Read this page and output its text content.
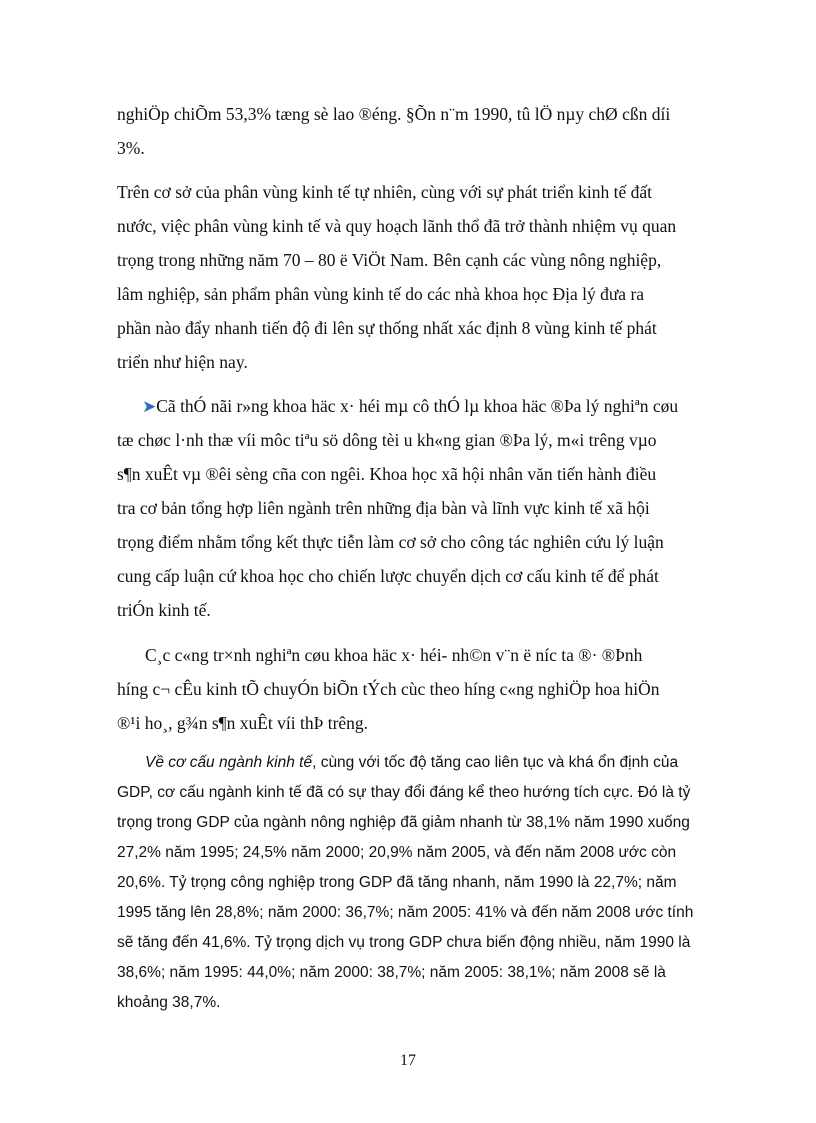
nghiÖp chiÕm 53,3% tæng sè lao ®éng. §Õn n¨m 1990, tû lÖ nµy chØ cßn díi

3%.

Trên cơ sở của phân vùng kinh tế tự nhiên, cùng với sự phát triển kinh tế đất

nước, việc phân vùng kinh tế và quy hoạch lãnh thổ đã trở thành nhiệm vụ quan

trọng trong những năm 70 – 80 ë ViÖt Nam. Bên cạnh các vùng nông nghiệp,

lâm nghiệp, sản phẩm phân vùng kinh tế do các nhà khoa học Địa lý đưa ra

phần nào đẩy nhanh tiến độ đi lên sự thống nhất xác định 8 vùng kinh tế phát

triển như hiện nay.

➤Cã thÓ nãi r»ng khoa häc x· héi mµ cô thÓ lµ khoa häc ®Þa lý nghiªn cøu

tæ chøc l·nh thæ víi môc tiªu sö dông tèi u kh«ng gian ®Þa lý, m«i trêng vµo

s¶n xuÊt vµ ®êi sèng cña con ngêi. Khoa học xã hội nhân văn tiến hành điều

tra cơ bản tổng hợp liên ngành trên những địa bàn và lĩnh vực kinh tế xã hội

trọng điểm nhằm tổng kết thực tiễn làm cơ sở cho công tác nghiên cứu lý luận

cung cấp luận cứ khoa học cho chiến lược chuyển dịch cơ cấu kinh tế để phát

triÓn kinh tế.

C¸c c«ng tr×nh nghiªn cøu khoa häc x· héi- nh©n v¨n ë níc ta ®· ®Þnh

híng c¬ cÊu kinh tÕ chuyÓn biÕn tÝch cùc theo híng c«ng nghiÖp hoa hiÖn

®¹i ho¸, g¾n s¶n xuÊt víi thÞ trêng.

Về cơ cấu ngành kinh tế, cùng với tốc độ tăng cao liên tục và khá ổn định của

GDP, cơ cấu ngành kinh tế đã có sự thay đổi đáng kể theo hướng tích cực. Đó là tỷ

trọng trong GDP của ngành nông nghiệp đã giảm nhanh từ 38,1% năm 1990 xuống

27,2% năm 1995; 24,5% năm 2000; 20,9% năm 2005, và đến năm 2008 ước còn

20,6%. Tỷ trọng công nghiệp trong GDP đã tăng nhanh, năm 1990 là 22,7%; năm

1995 tăng lên 28,8%; năm 2000: 36,7%; năm 2005: 41% và đến năm 2008 ước tính

sẽ tăng đến 41,6%. Tỷ trọng dịch vụ trong GDP chưa biến động nhiều, năm 1990 là

38,6%; năm 1995: 44,0%; năm 2000: 38,7%; năm 2005: 38,1%; năm 2008 sẽ là

khoảng 38,7%.

17
